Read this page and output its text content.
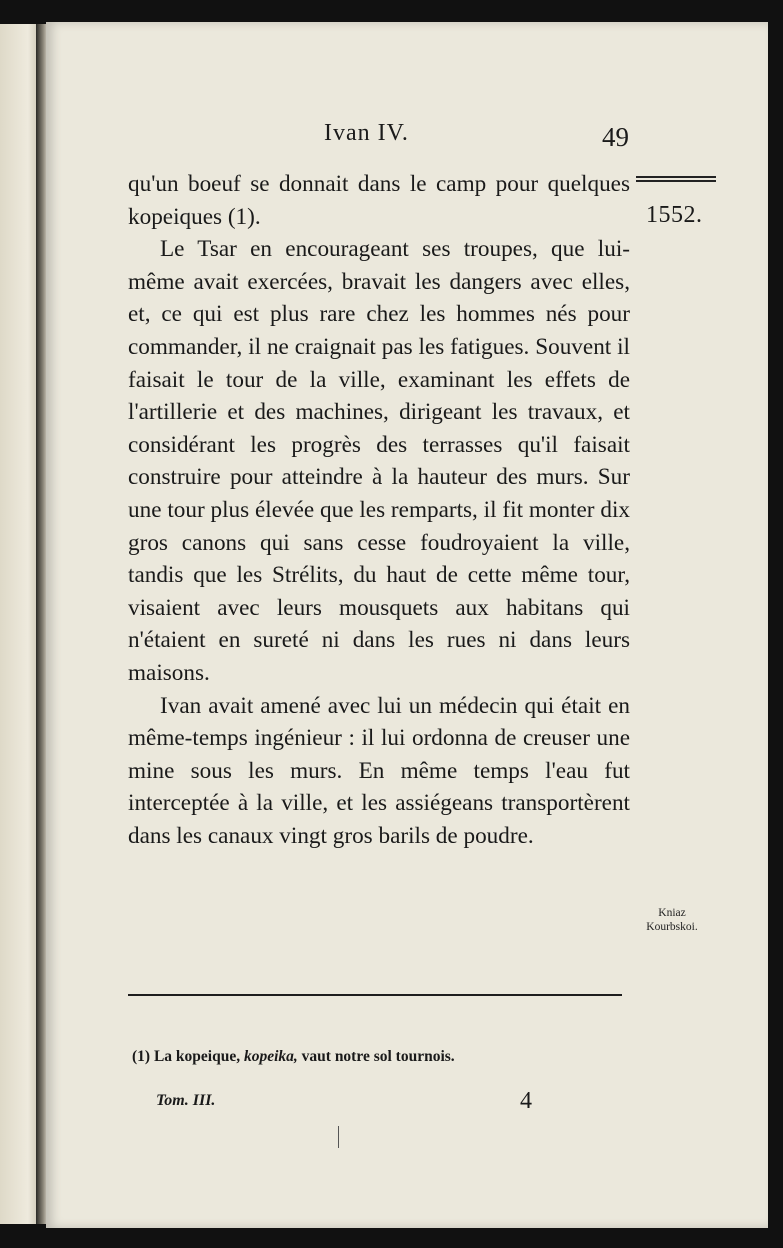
Ivan IV.	49
1552.

qu'un boeuf se donnait dans le camp pour quelques kopeiques (1).

Le Tsar en encourageant ses troupes, que lui-même avait exercées, bravait les dangers avec elles, et, ce qui est plus rare chez les hommes nés pour commander, il ne craignait pas les fatigues. Souvent il faisait le tour de la ville, examinant les effets de l'artillerie et des machines, dirigeant les travaux, et considérant les progrès des terrasses qu'il faisait construire pour atteindre à la hauteur des murs. Sur une tour plus élevée que les remparts, il fit monter dix gros canons qui sans cesse foudroyaient la ville, tandis que les Strélits, du haut de cette même tour, visaient avec leurs mousquets aux habitans qui n'étaient en sureté ni dans les rues ni dans leurs maisons.

Ivan avait amené avec lui un médecin qui était en même-temps ingénieur : il lui ordonna de creuser une mine sous les murs. En même temps l'eau fut interceptée à la ville, et les assiégeans transportèrent dans les canaux vingt gros barils de poudre.

Kniaz
Kourbskoi.
(1) La kopeique, kopeika, vaut notre sol tournois.
Tom. III.	4
